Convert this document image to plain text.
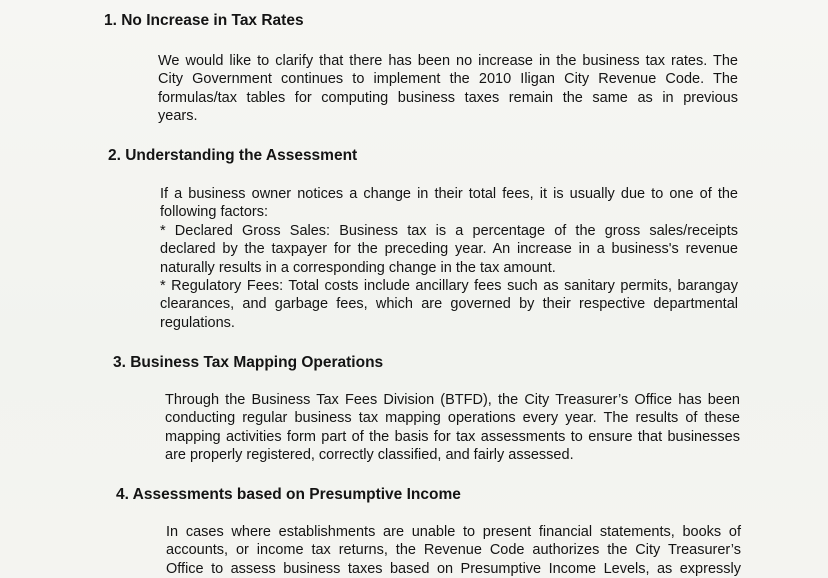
1. No Increase in Tax Rates
We would like to clarify that there has been no increase in the business tax rates. The
City Government continues to implement the 2010 Iligan City Revenue Code. The
formulas/tax tables for computing business taxes remain the same as in previous
years.
2. Understanding the Assessment
If a business owner notices a change in their total fees, it is usually due to one of the
following factors:
* Declared Gross Sales: Business tax is a percentage of the gross sales/receipts
declared by the taxpayer for the preceding year. An increase in a business's revenue
naturally results in a corresponding change in the tax amount.
* Regulatory Fees: Total costs include ancillary fees such as sanitary permits, barangay
clearances, and garbage fees, which are governed by their respective departmental
regulations.
3. Business Tax Mapping Operations
Through the Business Tax Fees Division (BTFD), the City Treasurer’s Office has been
conducting regular business tax mapping operations every year. The results of these
mapping activities form part of the basis for tax assessments to ensure that businesses
are properly registered, correctly classified, and fairly assessed.
4. Assessments based on Presumptive Income
In cases where establishments are unable to present financial statements, books of
accounts, or income tax returns, the Revenue Code authorizes the City Treasurer’s
Office to assess business taxes based on Presumptive Income Levels, as expressly
